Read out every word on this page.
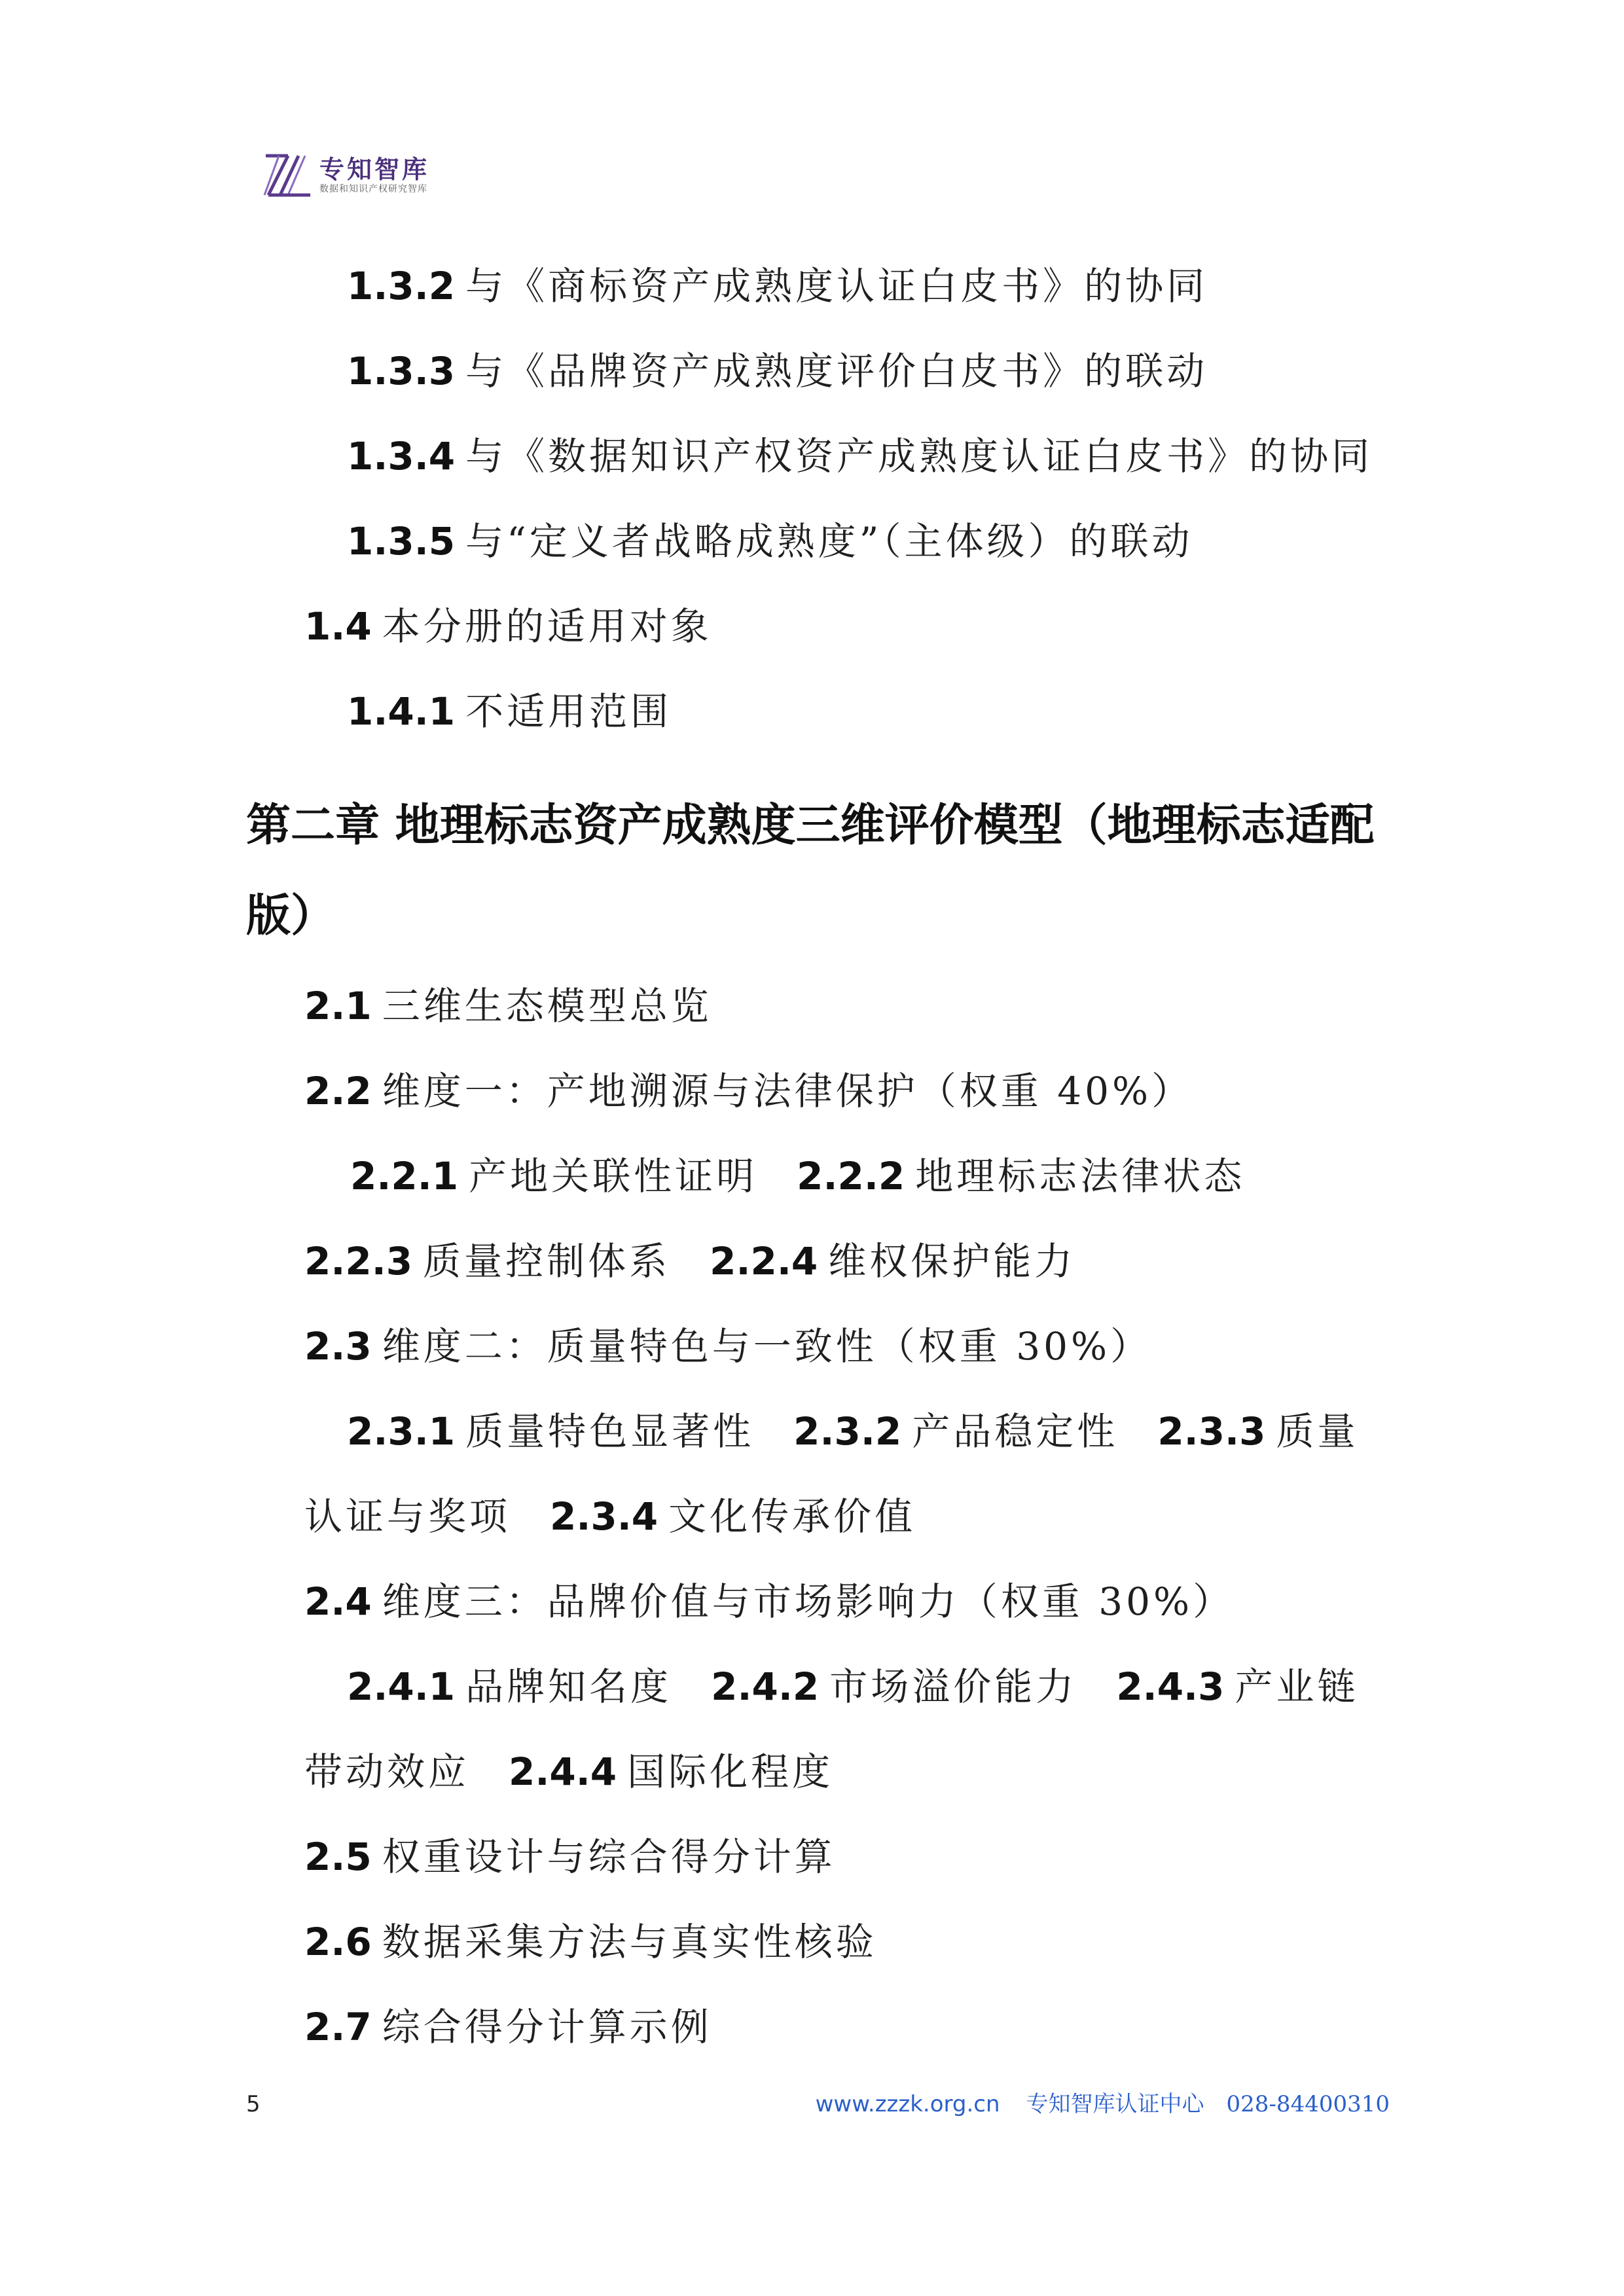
专知智库
数据和知识产权研究智库
1.3.2 与《商标资产成熟度认证白皮书》的协同
1.3.3 与《品牌资产成熟度评价白皮书》的联动
1.3.4 与《数据知识产权资产成熟度认证白皮书》的协同
1.3.5 与“定义者战略成熟度”（主体级）的联动
1.4 本分册的适用对象
1.4.1 不适用范围
第二章 地理标志资产成熟度三维评价模型（地理标志适配
版）
2.1 三维生态模型总览
2.2 维度一：产地溯源与法律保护（权重 40%）
2.2.1 产地关联性证明 2.2.2 地理标志法律状态
2.2.3 质量控制体系 2.2.4 维权保护能力
2.3 维度二：质量特色与一致性（权重 30%）
2.3.1 质量特色显著性 2.3.2 产品稳定性 2.3.3 质量
认证与奖项 2.3.4 文化传承价值
2.4 维度三：品牌价值与市场影响力（权重 30%）
2.4.1 品牌知名度 2.4.2 市场溢价能力 2.4.3 产业链
带动效应 2.4.4 国际化程度
2.5 权重设计与综合得分计算
2.6 数据采集方法与真实性核验
2.7 综合得分计算示例
5	www.zzzk.org.cn 专知智库认证中心 028-84400310
